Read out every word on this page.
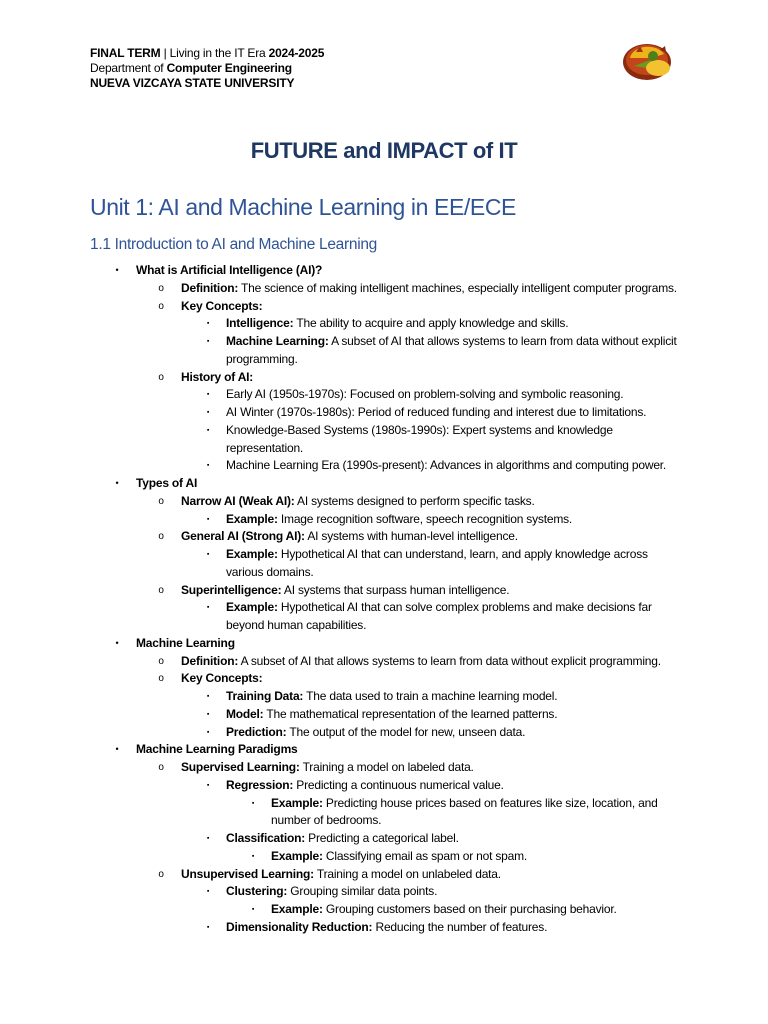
FINAL TERM | Living in the IT Era 2024-2025
Department of Computer Engineering
NUEVA VIZCAYA STATE UNIVERSITY
FUTURE and IMPACT of IT
Unit 1: AI and Machine Learning in EE/ECE
1.1 Introduction to AI and Machine Learning
• What is Artificial Intelligence (AI)?
o Definition: The science of making intelligent machines, especially intelligent computer programs.
o Key Concepts:
▪	Intelligence: The ability to acquire and apply knowledge and skills.
▪	Machine Learning: A subset of AI that allows systems to learn from data without explicit
programming.
o History of AI:
▪	Early AI (1950s-1970s): Focused on problem-solving and symbolic reasoning.
▪	AI Winter (1970s-1980s): Period of reduced funding and interest due to limitations.
▪	Knowledge-Based Systems (1980s-1990s): Expert systems and knowledge
representation.
▪	Machine Learning Era (1990s-present): Advances in algorithms and computing power.
• Types of AI
o Narrow AI (Weak AI): AI systems designed to perform specific tasks.
▪	Example: Image recognition software, speech recognition systems.
o General AI (Strong AI): AI systems with human-level intelligence.
▪	Example: Hypothetical AI that can understand, learn, and apply knowledge across
various domains.
o Superintelligence: AI systems that surpass human intelligence.
▪	Example: Hypothetical AI that can solve complex problems and make decisions far
beyond human capabilities.
• Machine Learning
o Definition: A subset of AI that allows systems to learn from data without explicit programming.
o Key Concepts:
▪	Training Data: The data used to train a machine learning model.
▪	Model: The mathematical representation of the learned patterns.
▪	Prediction: The output of the model for new, unseen data.
• Machine Learning Paradigms
o Supervised Learning: Training a model on labeled data.
▪	Regression: Predicting a continuous numerical value.
▪	Example: Predicting house prices based on features like size, location, and
number of bedrooms.
▪	Classification: Predicting a categorical label.
▪	Example: Classifying email as spam or not spam.
o Unsupervised Learning: Training a model on unlabeled data.
▪	Clustering: Grouping similar data points.
▪	Example: Grouping customers based on their purchasing behavior.
▪	Dimensionality Reduction: Reducing the number of features.
